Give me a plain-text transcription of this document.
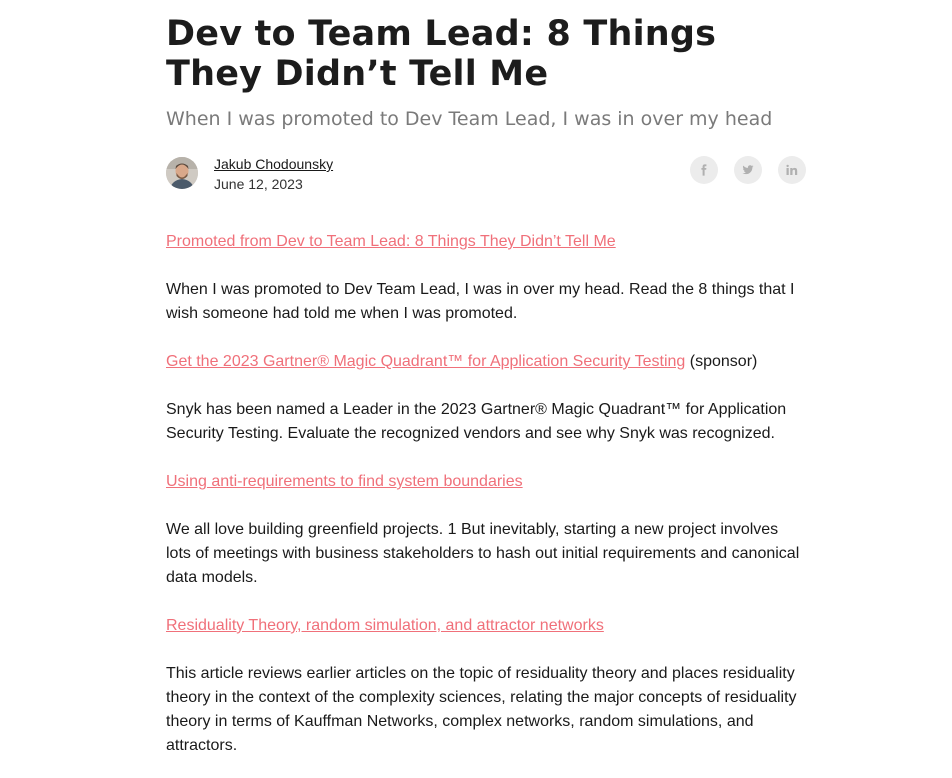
Dev to Team Lead: 8 Things They Didn’t Tell Me
When I was promoted to Dev Team Lead, I was in over my head
Jakub Chodounsky
June 12, 2023

Promoted from Dev to Team Lead: 8 Things They Didn’t Tell Me

When I was promoted to Dev Team Lead, I was in over my head. Read the 8 things that I wish someone had told me when I was promoted.

Get the 2023 Gartner® Magic Quadrant™ for Application Security Testing (sponsor)

Snyk has been named a Leader in the 2023 Gartner® Magic Quadrant™ for Application Security Testing. Evaluate the recognized vendors and see why Snyk was recognized.

Using anti-requirements to find system boundaries

We all love building greenfield projects. 1 But inevitably, starting a new project involves lots of meetings with business stakeholders to hash out initial requirements and canonical data models.

Residuality Theory, random simulation, and attractor networks

This article reviews earlier articles on the topic of residuality theory and places residuality theory in the context of the complexity sciences, relating the major concepts of residuality theory in terms of Kauffman Networks, complex networks, random simulations, and attractors.
